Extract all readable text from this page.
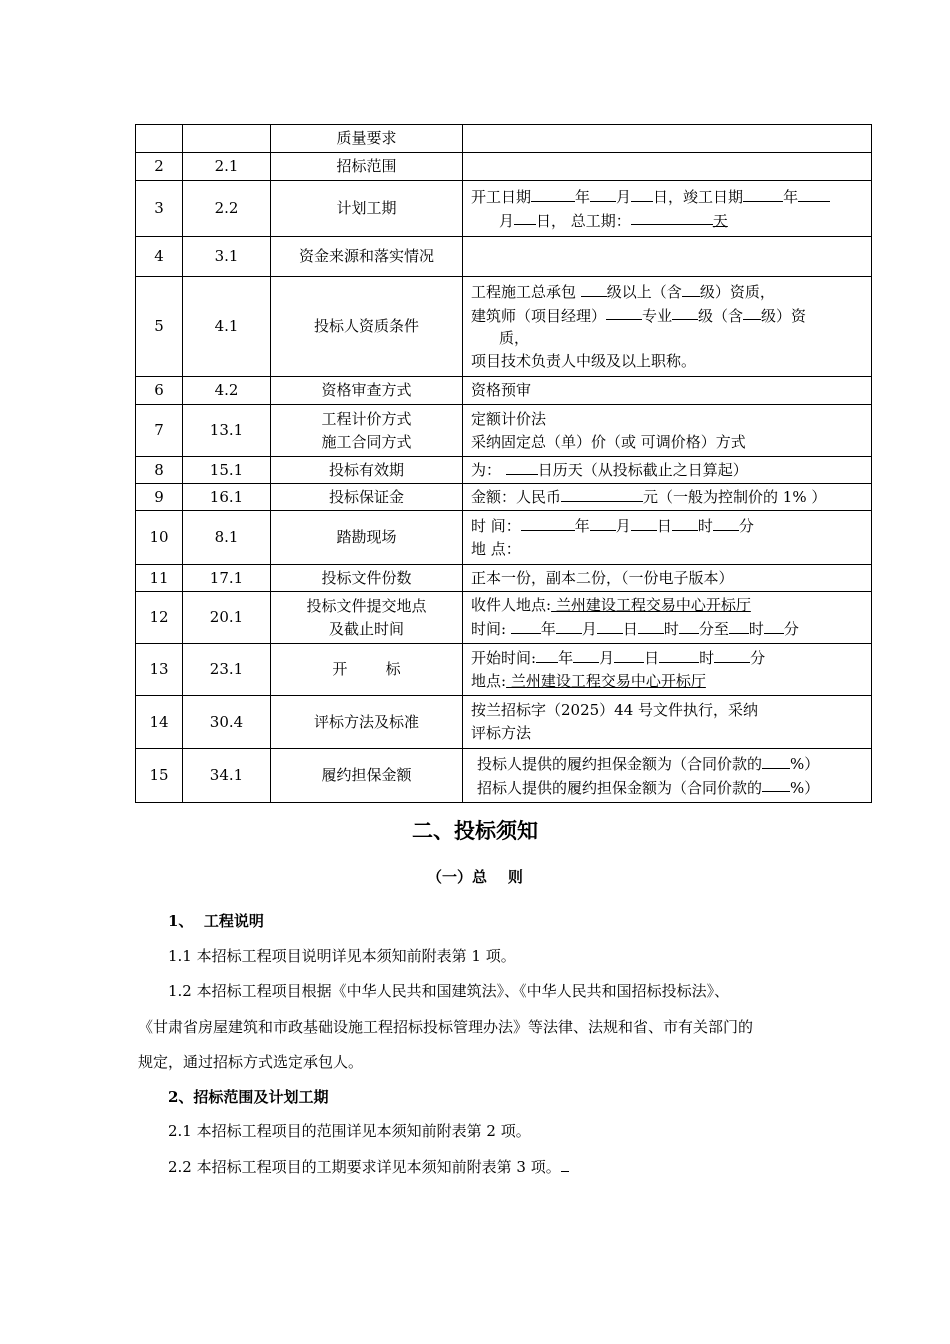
		质量要求	
2	2.1	招标范围	
3	2.2	计划工期	开工日期 年 月 日，竣工日期 年
月 日， 总工期： 天

4	3.1	资金来源和落实情况	
5	4.1	投标人资质条件	工程施工总承包 级以上（含 级）资质，
建筑师（项目经理） 专业 级（含 级）资
质，
项目技术负责人中级及以上职称。

6	4.2	资格审查方式	资格预审
7	13.1	工程计价方式
施工合同方式	定额计价法
采纳固定总（单）价（或 可调价格）方式

8	15.1	投标有效期	为： 日历天（从投标截止之日算起）
9	16.1	投标保证金	金额：人民币 元（一般为控制价的 1% ）
10	8.1	踏勘现场	时 间： 年 月 日 时 分
地 点：

11	17.1	投标文件份数	正本一份，副本二份，（一份电子版本）
12	20.1	投标文件提交地点
及截止时间	收件人地点: 兰州建设工程交易中心开标厅
时间: 年 月 日 时 分至 时 分

13	23.1	开        标	开始时间: 年 月 日 时 分
地点: 兰州建设工程交易中心开标厅

14	30.4	评标方法及标准	按兰招标字（2025）44 号文件执行，采纳
评标方法

15	34.1	履约担保金额	投标人提供的履约担保金额为（合同价款的 %）
招标人提供的履约担保金额为（合同价款的 %）
二、投标须知
（一）总    则
1、  工程说明
1.1 本招标工程项目说明详见本须知前附表第 1 项。
1.2 本招标工程项目根据《中华人民共和国建筑法》、《中华人民共和国招标投标法》、
《甘肃省房屋建筑和市政基础设施工程招标投标管理办法》等法律、法规和省、市有关部门的
规定，通过招标方式选定承包人。
2、招标范围及计划工期
2.1 本招标工程项目的范围详见本须知前附表第 2 项。
2.2 本招标工程项目的工期要求详见本须知前附表第 3 项。
